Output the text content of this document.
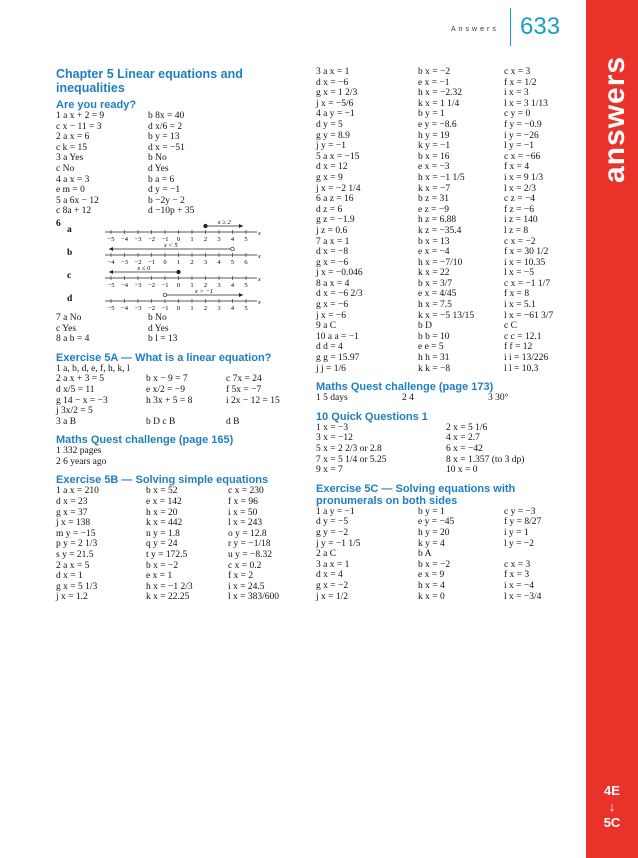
Answers 633
answers
4E
↓
5C
Chapter 5 Linear equations and inequalities
Are you ready?
1 a x + 2 = 9	b 8x = 40
c x − 11 = 3	d x/6 = 2
2 a x = 6	b y = 13
c k = 15	d x = −51
3 a Yes	b No
c No	d Yes
4 a x = 3	b a = 6
e m = 0	d y = −1
5 a 6x − 12	b −2y − 2
c 8a + 12	d −10p + 35
6
a	x
−5 −4 −3 −2 −1 0 1 2 3 4 5
x ≥ 2
b	x
−4 −3 −2 −1 0 1 2 3 4 5 6
x < 5
c	x
−5 −4 −3 −2 −1 0 1 2 3 4 5
x ≤ 0
d	x
−5 −4 −3 −2 −1 0 1 2 3 4 5
x > −1
7 a No	b No
c Yes	d Yes
8 a b = 4	b l = 13
Exercise 5A — What is a linear equation?
1 a, b, d, e, f, h, k, l
2 a x + 3 = 5	b x − 9 = 7	c 7x = 24
d x/5 = 11	e x/2 = −9	f 5x = −7
g 14 − x = −3	h 3x + 5 = 8	i 2x − 12 = 15
j 3x/2 = 5
3 a B	b D c B	d B
Maths Quest challenge (page 165)
1 332 pages
2 6 years ago
Exercise 5B — Solving simple equations
1 a x = 210	b x = 52	c x = 230
d x = 23	e x = 142	f x = 96
g x = 37	h x = 20	i x = 50
j x = 138	k x = 442	l x = 243
m y = −15	n y = 1.8	o y = 12.8
p y = 2 1/3	q y = 24	r y = −1/18
s y = 21.5	t y = 172.5	u y = −8.32
2 a x = 5	b x = −2	c x = 0.2
d x = 1	e x = 1	f x = 2
g x = 5 1/3	h x = −1 2/3	i x = 24.5
j x = 1.2	k x = 22.25	l x = 383/600
3 a x = 1	b x = −2	c x = 3
d x = −6	e x = −1	f x = 1/2
g x = 1 2/3	h x = −2.32	i x = 3
j x = −5/6	k x = 1 1/4	l x = 3 1/13
4 a y = −1	b y = 1	c y = 0
d y = 5	e y = −8.6	f y = −0.9
g y = 8.9	h y = 19	i y = −26
j y = −1	k y = −1	l y = −1
5 a x = −15	b x = 16	c x = −66
d x = 12	e x = −3	f x = 4
g x = 9	h x = −1 1/5	i x = 9 1/3
j x = −2 1/4	k x = −7	l x = 2/3
6 a z = 16	b z = 31	c z = −4
d z = 6	e z = −9	f z = −6
g z = −1.9	h z = 6.88	i z = 140
j z = 0.6	k z = −35.4	l z = 8
7 a x = 1	b x = 13	c x = −2
d x = −8	e x = −4	f x = 30 1/2
g x = −6	h x = −7/10	i x = 10.35
j x = −0.046	k x = 22	l x = −5
8 a x = 4	b x = 3/7	c x = −1 1/7
d x = −6 2/3	e x = 4/45	f x = 8
g x = −6	h x = 7.5	i x = 5.1
j x = −6	k x = −5 13/15	l x = −61 3/7
9 a C	b D	c C
10 a a = −1	b b = 10	c c = 12.1
d d = 4	e e = 5	f f = 12
g g = 15.97	h h = 31	i i = 13/226
j j = 1/6	k k = −8	l l = 10.3
Maths Quest challenge (page 173)
1 5 days	2 4	3 30°
10 Quick Questions 1
1 x = −3	2 x = 5 1/6
3 x = −12	4 x = 2.7
5 x = 2 2/3 or 2.8	6 x = −42
7 x = 5 1/4 or 5.25	8 x = 1.357 (to 3 dp)
9 x = 7	10 x = 0
Exercise 5C — Solving equations with pronumerals on both sides
1 a y = −1	b y = 1	c y = −3
d y = −5	e y = −45	f y = 8/27
g y = −2	h y = 20	i y = 1
j y = −1 1/5	k y = 4	l y = −2
2 a C	b A
3 a x = 1	b x = −2	c x = 3
d x = 4	e x = 9	f x = 3
g x = −2	h x = 4	i x = −4
j x = 1/2	k x = 0	l x = −3/4
